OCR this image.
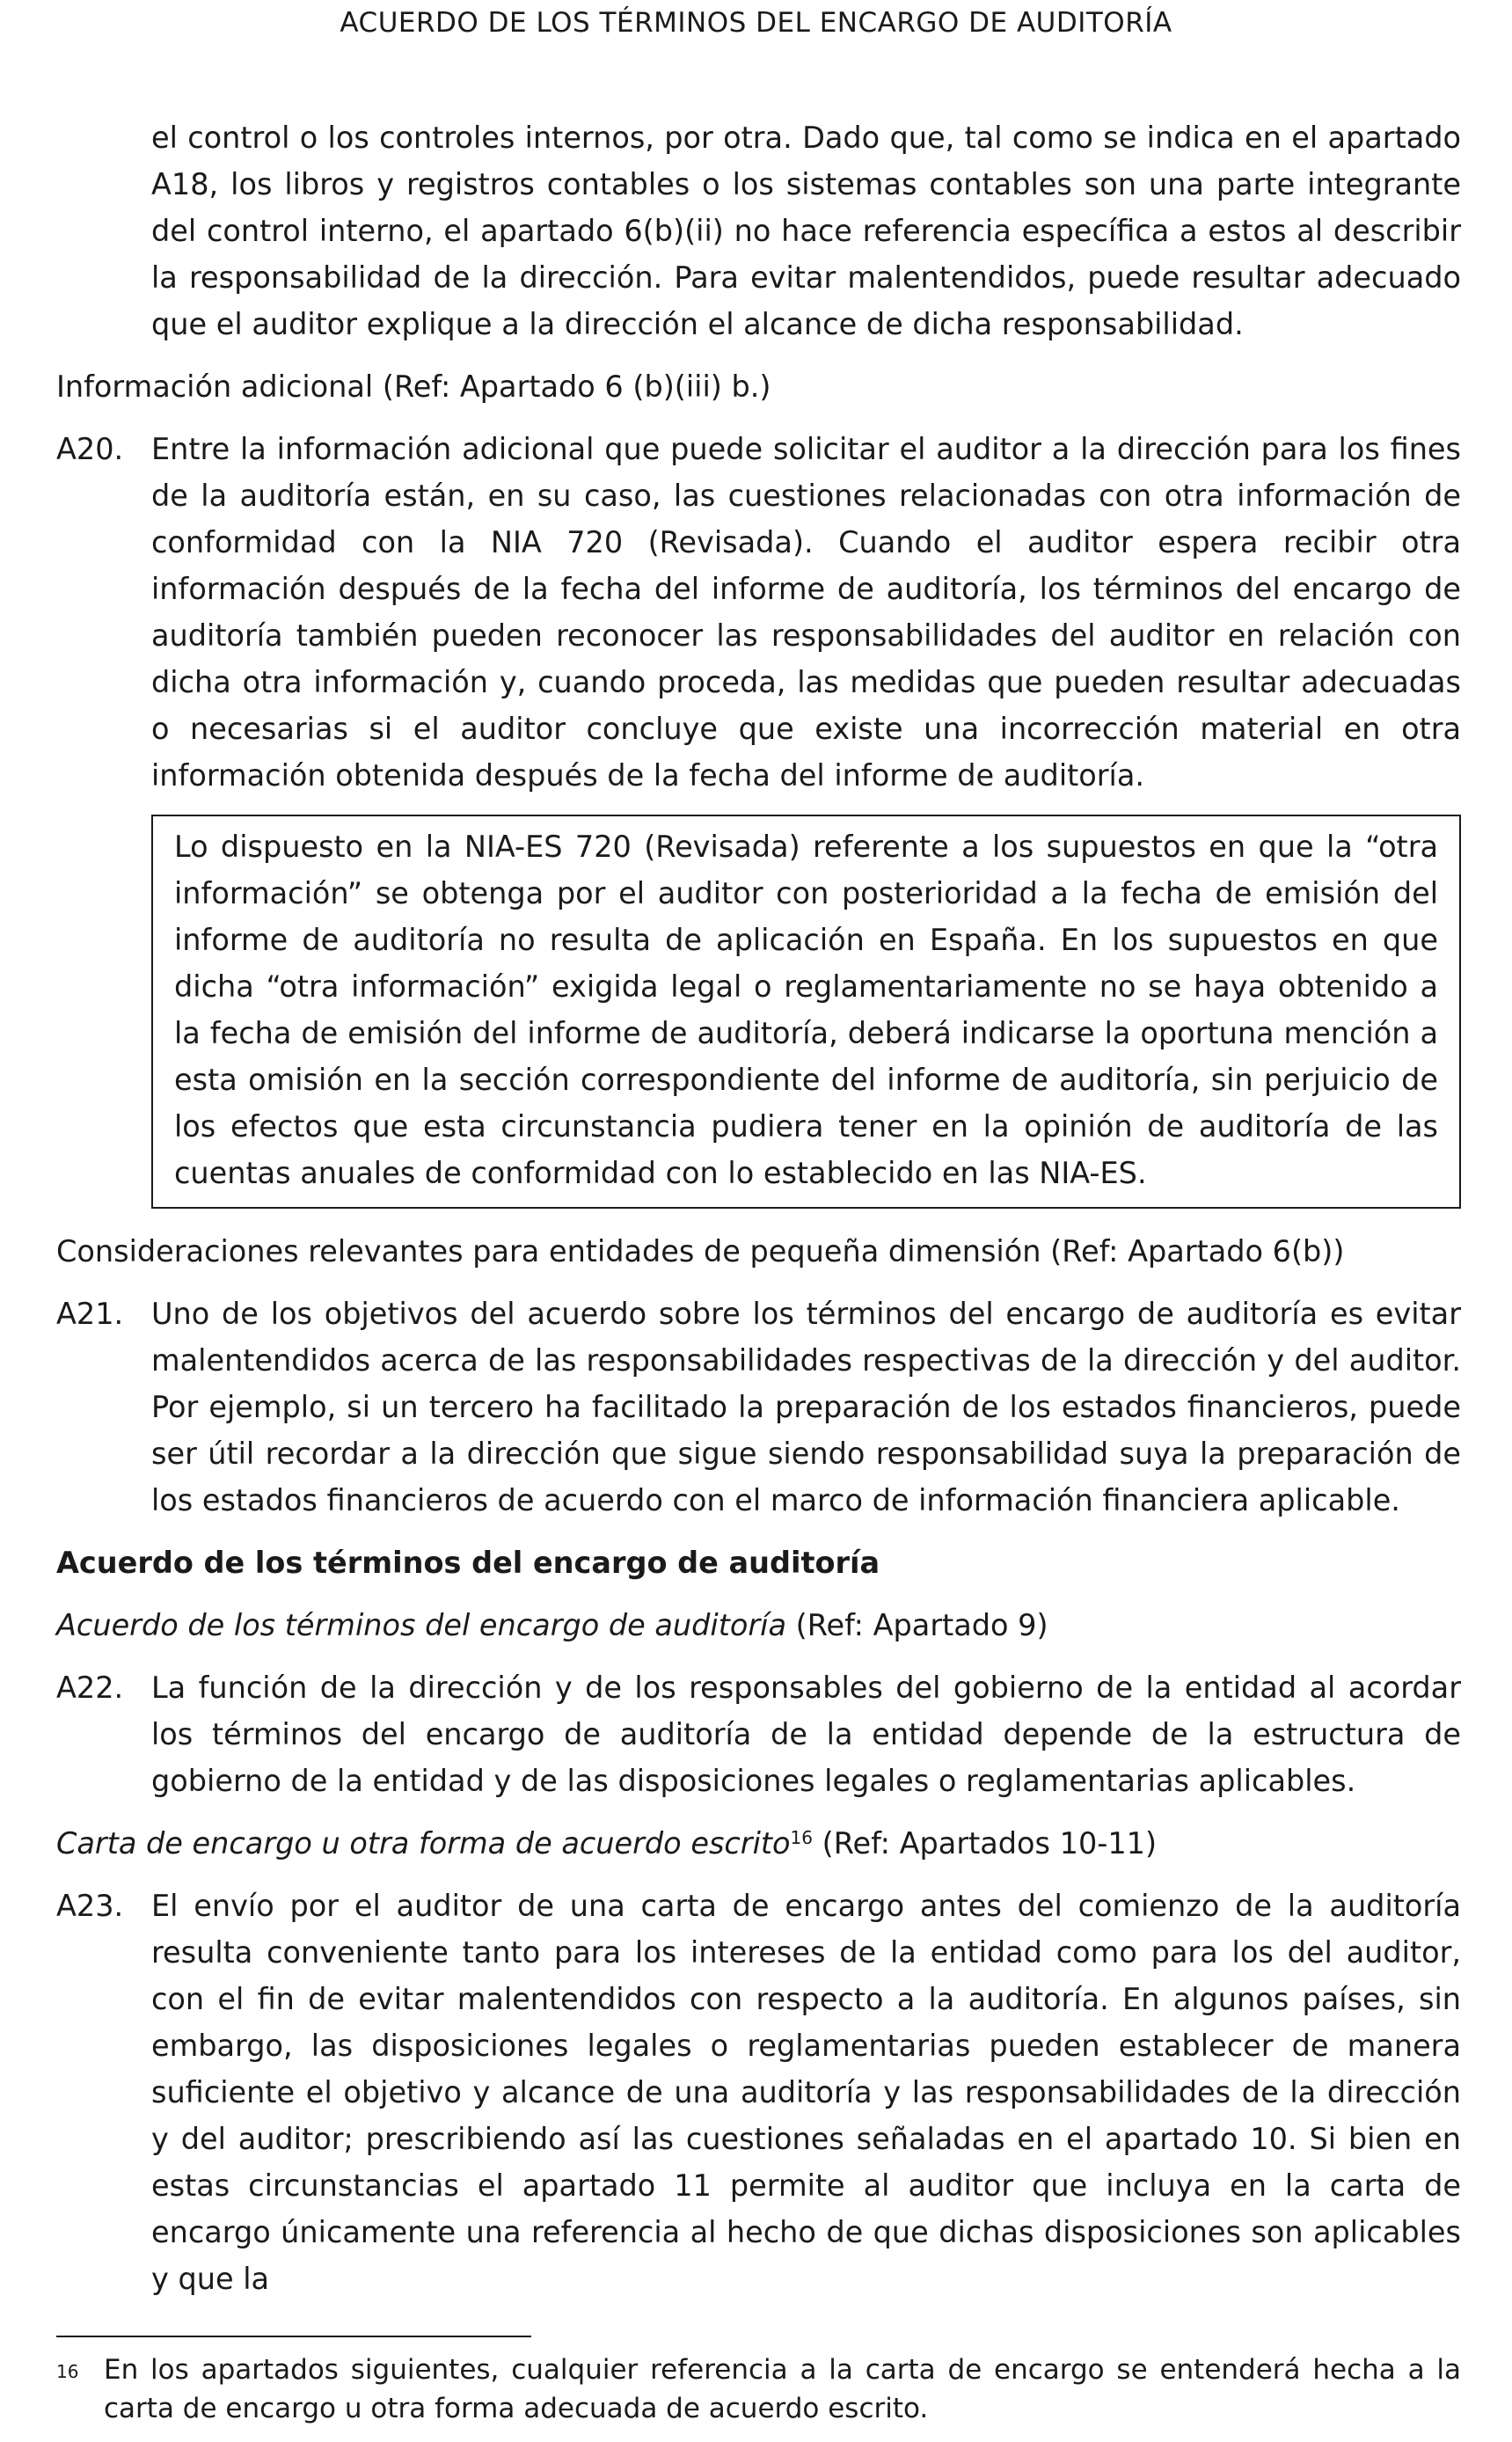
ACUERDO DE LOS TÉRMINOS DEL ENCARGO DE AUDITORÍA

el control o los controles internos, por otra. Dado que, tal como se indica en el apartado A18, los libros y registros contables o los sistemas contables son una parte integrante del control interno, el apartado 6(b)(ii) no hace referencia específica a estos al describir la responsabilidad de la dirección. Para evitar malentendidos, puede resultar adecuado que el auditor explique a la dirección el alcance de dicha responsabilidad.

Información adicional (Ref: Apartado 6 (b)(iii) b.)

A20. Entre la información adicional que puede solicitar el auditor a la dirección para los fines de la auditoría están, en su caso, las cuestiones relacionadas con otra información de conformidad con la NIA 720 (Revisada). Cuando el auditor espera recibir otra información después de la fecha del informe de auditoría, los términos del encargo de auditoría también pueden reconocer las responsabilidades del auditor en relación con dicha otra información y, cuando proceda, las medidas que pueden resultar adecuadas o necesarias si el auditor concluye que existe una incorrección material en otra información obtenida después de la fecha del informe de auditoría.
Lo dispuesto en la NIA-ES 720 (Revisada) referente a los supuestos en que la “otra información” se obtenga por el auditor con posterioridad a la fecha de emisión del informe de auditoría no resulta de aplicación en España. En los supuestos en que dicha “otra información” exigida legal o reglamentariamente no se haya obtenido a la fecha de emisión del informe de auditoría, deberá indicarse la oportuna mención a esta omisión en la sección correspondiente del informe de auditoría, sin perjuicio de los efectos que esta circunstancia pudiera tener en la opinión de auditoría de las cuentas anuales de conformidad con lo establecido en las NIA-ES.

Consideraciones relevantes para entidades de pequeña dimensión (Ref: Apartado 6(b))

A21. Uno de los objetivos del acuerdo sobre los términos del encargo de auditoría es evitar malentendidos acerca de las responsabilidades respectivas de la dirección y del auditor. Por ejemplo, si un tercero ha facilitado la preparación de los estados financieros, puede ser útil recordar a la dirección que sigue siendo responsabilidad suya la preparación de los estados financieros de acuerdo con el marco de información financiera aplicable.

Acuerdo de los términos del encargo de auditoría

Acuerdo de los términos del encargo de auditoría (Ref: Apartado 9)

A22. La función de la dirección y de los responsables del gobierno de la entidad al acordar los términos del encargo de auditoría de la entidad depende de la estructura de gobierno de la entidad y de las disposiciones legales o reglamentarias aplicables.

Carta de encargo u otra forma de acuerdo escrito$^{16}$ (Ref: Apartados 10-11)

A23. El envío por el auditor de una carta de encargo antes del comienzo de la auditoría resulta conveniente tanto para los intereses de la entidad como para los del auditor, con el fin de evitar malentendidos con respecto a la auditoría. En algunos países, sin embargo, las disposiciones legales o reglamentarias pueden establecer de manera suficiente el objetivo y alcance de una auditoría y las responsabilidades de la dirección y del auditor; prescribiendo así las cuestiones señaladas en el apartado 10. Si bien en estas circunstancias el apartado 11 permite al auditor que incluya en la carta de encargo únicamente una referencia al hecho de que dichas disposiciones son aplicables y que la
16 En los apartados siguientes, cualquier referencia a la carta de encargo se entenderá hecha a la carta de encargo u otra forma adecuada de acuerdo escrito.
